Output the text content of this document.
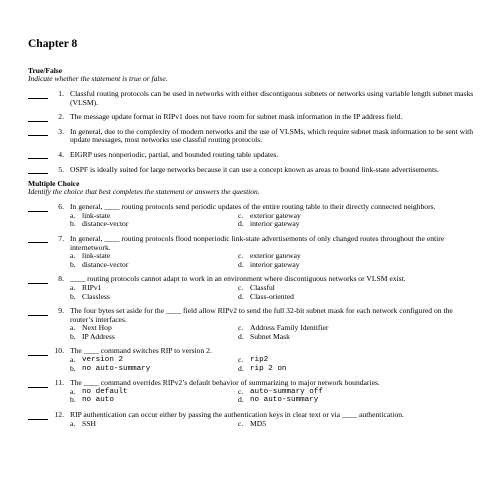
Chapter 8
True/False
Indicate whether the statement is true or false.
1. Classful routing protocols can be used in networks with either discontiguous subnets or networks using variable length subnet masks (VLSM).
2. The message update format in RIPv1 does not have room for subnet mask information in the IP address field.
3. In general, due to the complexity of modern networks and the use of VLSMs, which require subnet mask information to be sent with update messages, most networks use classful routing protocols.
4. EIGRP uses nonperiodic, partial, and bounded routing table updates.
5. OSPF is ideally suited for large networks because it can use a concept known as areas to bound link-state advertisements.
Multiple Choice
Identify the choice that best completes the statement or answers the question.
6. In general, ____ routing protocols send periodic updates of the entire routing table to their directly connected neighbors.
a. link-state	c. exterior gateway
b. distance-vector	d. interior gateway
7. In general, ____ routing protocols flood nonperiodic link-state advertisements of only changed routes throughout the entire internetwork.
a. link-state	c. exterior gateway
b. distance-vector	d. interior gateway
8. ____ routing protocols cannot adapt to work in an environment where discontiguous networks or VLSM exist.
a. RIPv1	c. Classful
b. Classless	d. Class-oriented
9. The four bytes set aside for the ____ field allow RIPv2 to send the full 32-bit subnet mask for each network configured on the router’s interfaces.
a. Next Hop	c. Address Family Identifier
b. IP Address	d. Subnet Mask
10. The ____ command switches RIP to version 2.
a. version 2	c. rip2
b. no auto-summary	d. rip 2 on
11. The ____ command overrides RIPv2’s default behavior of summarizing to major network boundaries.
a. no default	c. auto-summary off
b. no auto	d. no auto-summary
12. RIP authentication can occur either by passing the authentication keys in clear text or via ____ authentication.
a. SSH	c. MD5
